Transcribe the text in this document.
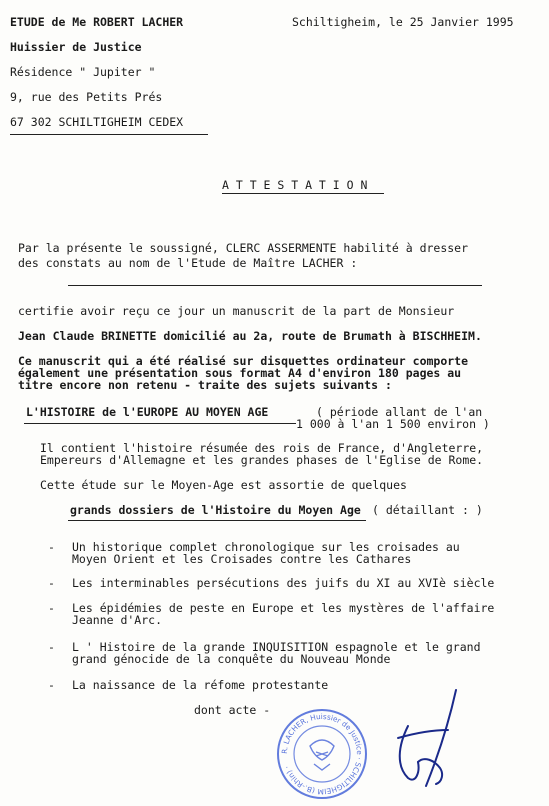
ETUDE de Me ROBERT LACHER	Schiltigheim, le 25 Janvier 1995
Huissier de Justice
Résidence " Jupiter "
9, rue des Petits Prés
67 302 SCHILTIGHEIM CEDEX
A T T E S T A T I O N
Par la présente le soussigné, CLERC ASSERMENTE habilité à dresser
des constats au nom de l'Etude de Maître LACHER :
certifie avoir reçu ce jour un manuscrit de la part de Monsieur
Jean Claude BRINETTE domicilié au 2a, route de Brumath à BISCHHEIM.
Ce manuscrit qui a été réalisé sur disquettes ordinateur comporte
également une présentation sous format A4 d'environ 180 pages au
titre encore non retenu - traite des sujets suivants :
L'HISTOIRE de l'EUROPE AU MOYEN AGE	( période allant de l'an
1 000 à l'an 1 500 environ )
Il contient l'histoire résumée des rois de France, d'Angleterre,
Empereurs d'Allemagne et les grandes phases de l'Eglise de Rome.
Cette étude sur le Moyen-Age est assortie de quelques
grands dossiers de l'Histoire du Moyen Age ( détaillant : )
- Un historique complet chronologique sur les croisades au
Moyen Orient et les Croisades contre les Cathares
- Les interminables persécutions des juifs du XI au XVIè siècle
- Les épidémies de peste en Europe et les mystères de l'affaire
Jeanne d'Arc.
- L ' Histoire de la grande INQUISITION espagnole et le grand
grand génocide de la conquête du Nouveau Monde
- La naissance de la réfome protestante
dont acte -
R. LACHER, Huissier de Justice · SCHILTIGHEIM (B.-Rhin) ·
